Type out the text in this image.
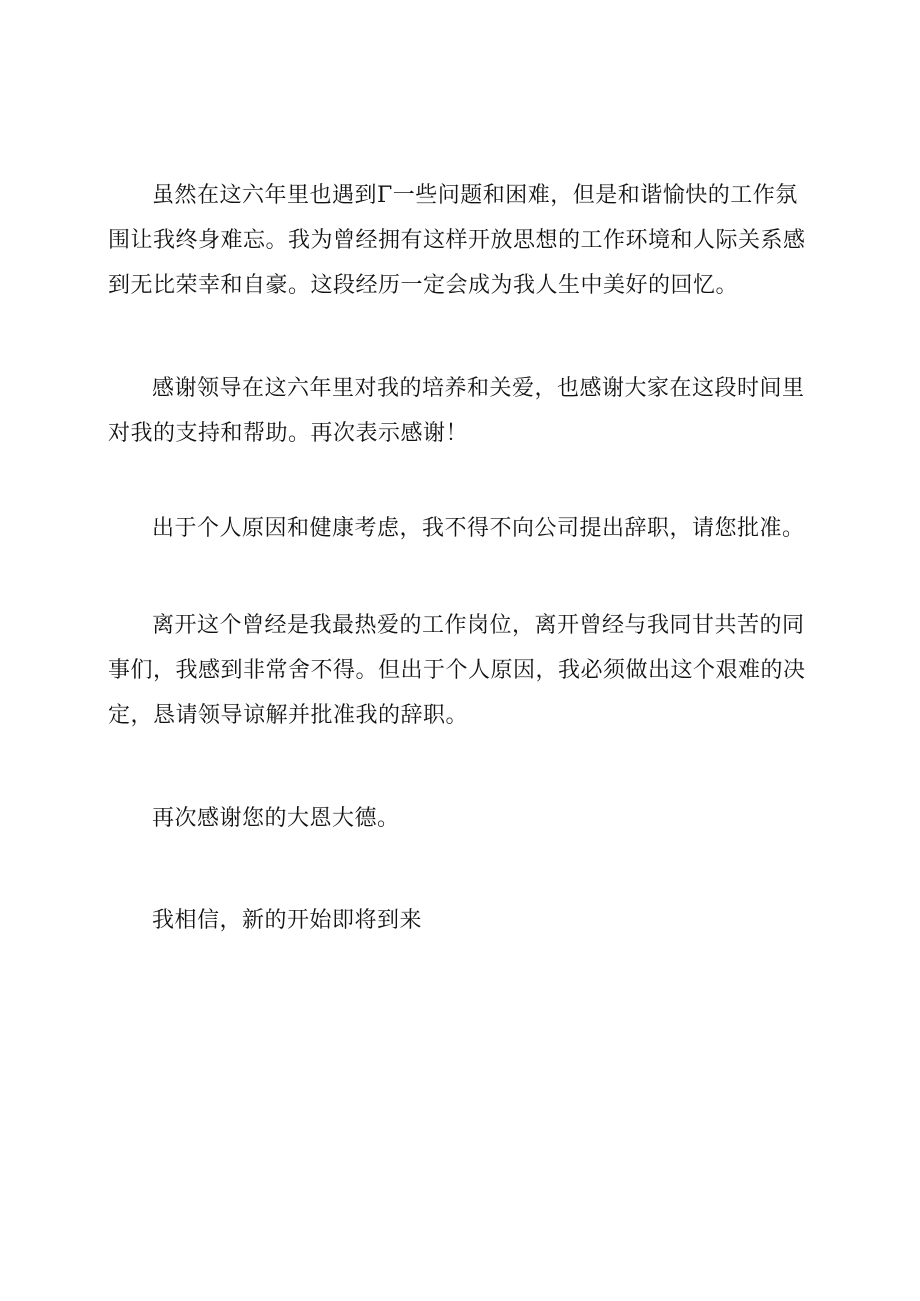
虽然在这六年里也遇到Γ一些问题和困难，但是和谐愉快的工作氛围让我终身难忘。我为曾经拥有这样开放思想的工作环境和人际关系感到无比荣幸和自豪。这段经历一定会成为我人生中美好的回忆。

感谢领导在这六年里对我的培养和关爱，也感谢大家在这段时间里对我的支持和帮助。再次表示感谢！

出于个人原因和健康考虑，我不得不向公司提出辞职，请您批准。

离开这个曾经是我最热爱的工作岗位，离开曾经与我同甘共苦的同事们，我感到非常舍不得。但出于个人原因，我必须做出这个艰难的决定，恳请领导谅解并批准我的辞职。

再次感谢您的大恩大德。

我相信，新的开始即将到来
